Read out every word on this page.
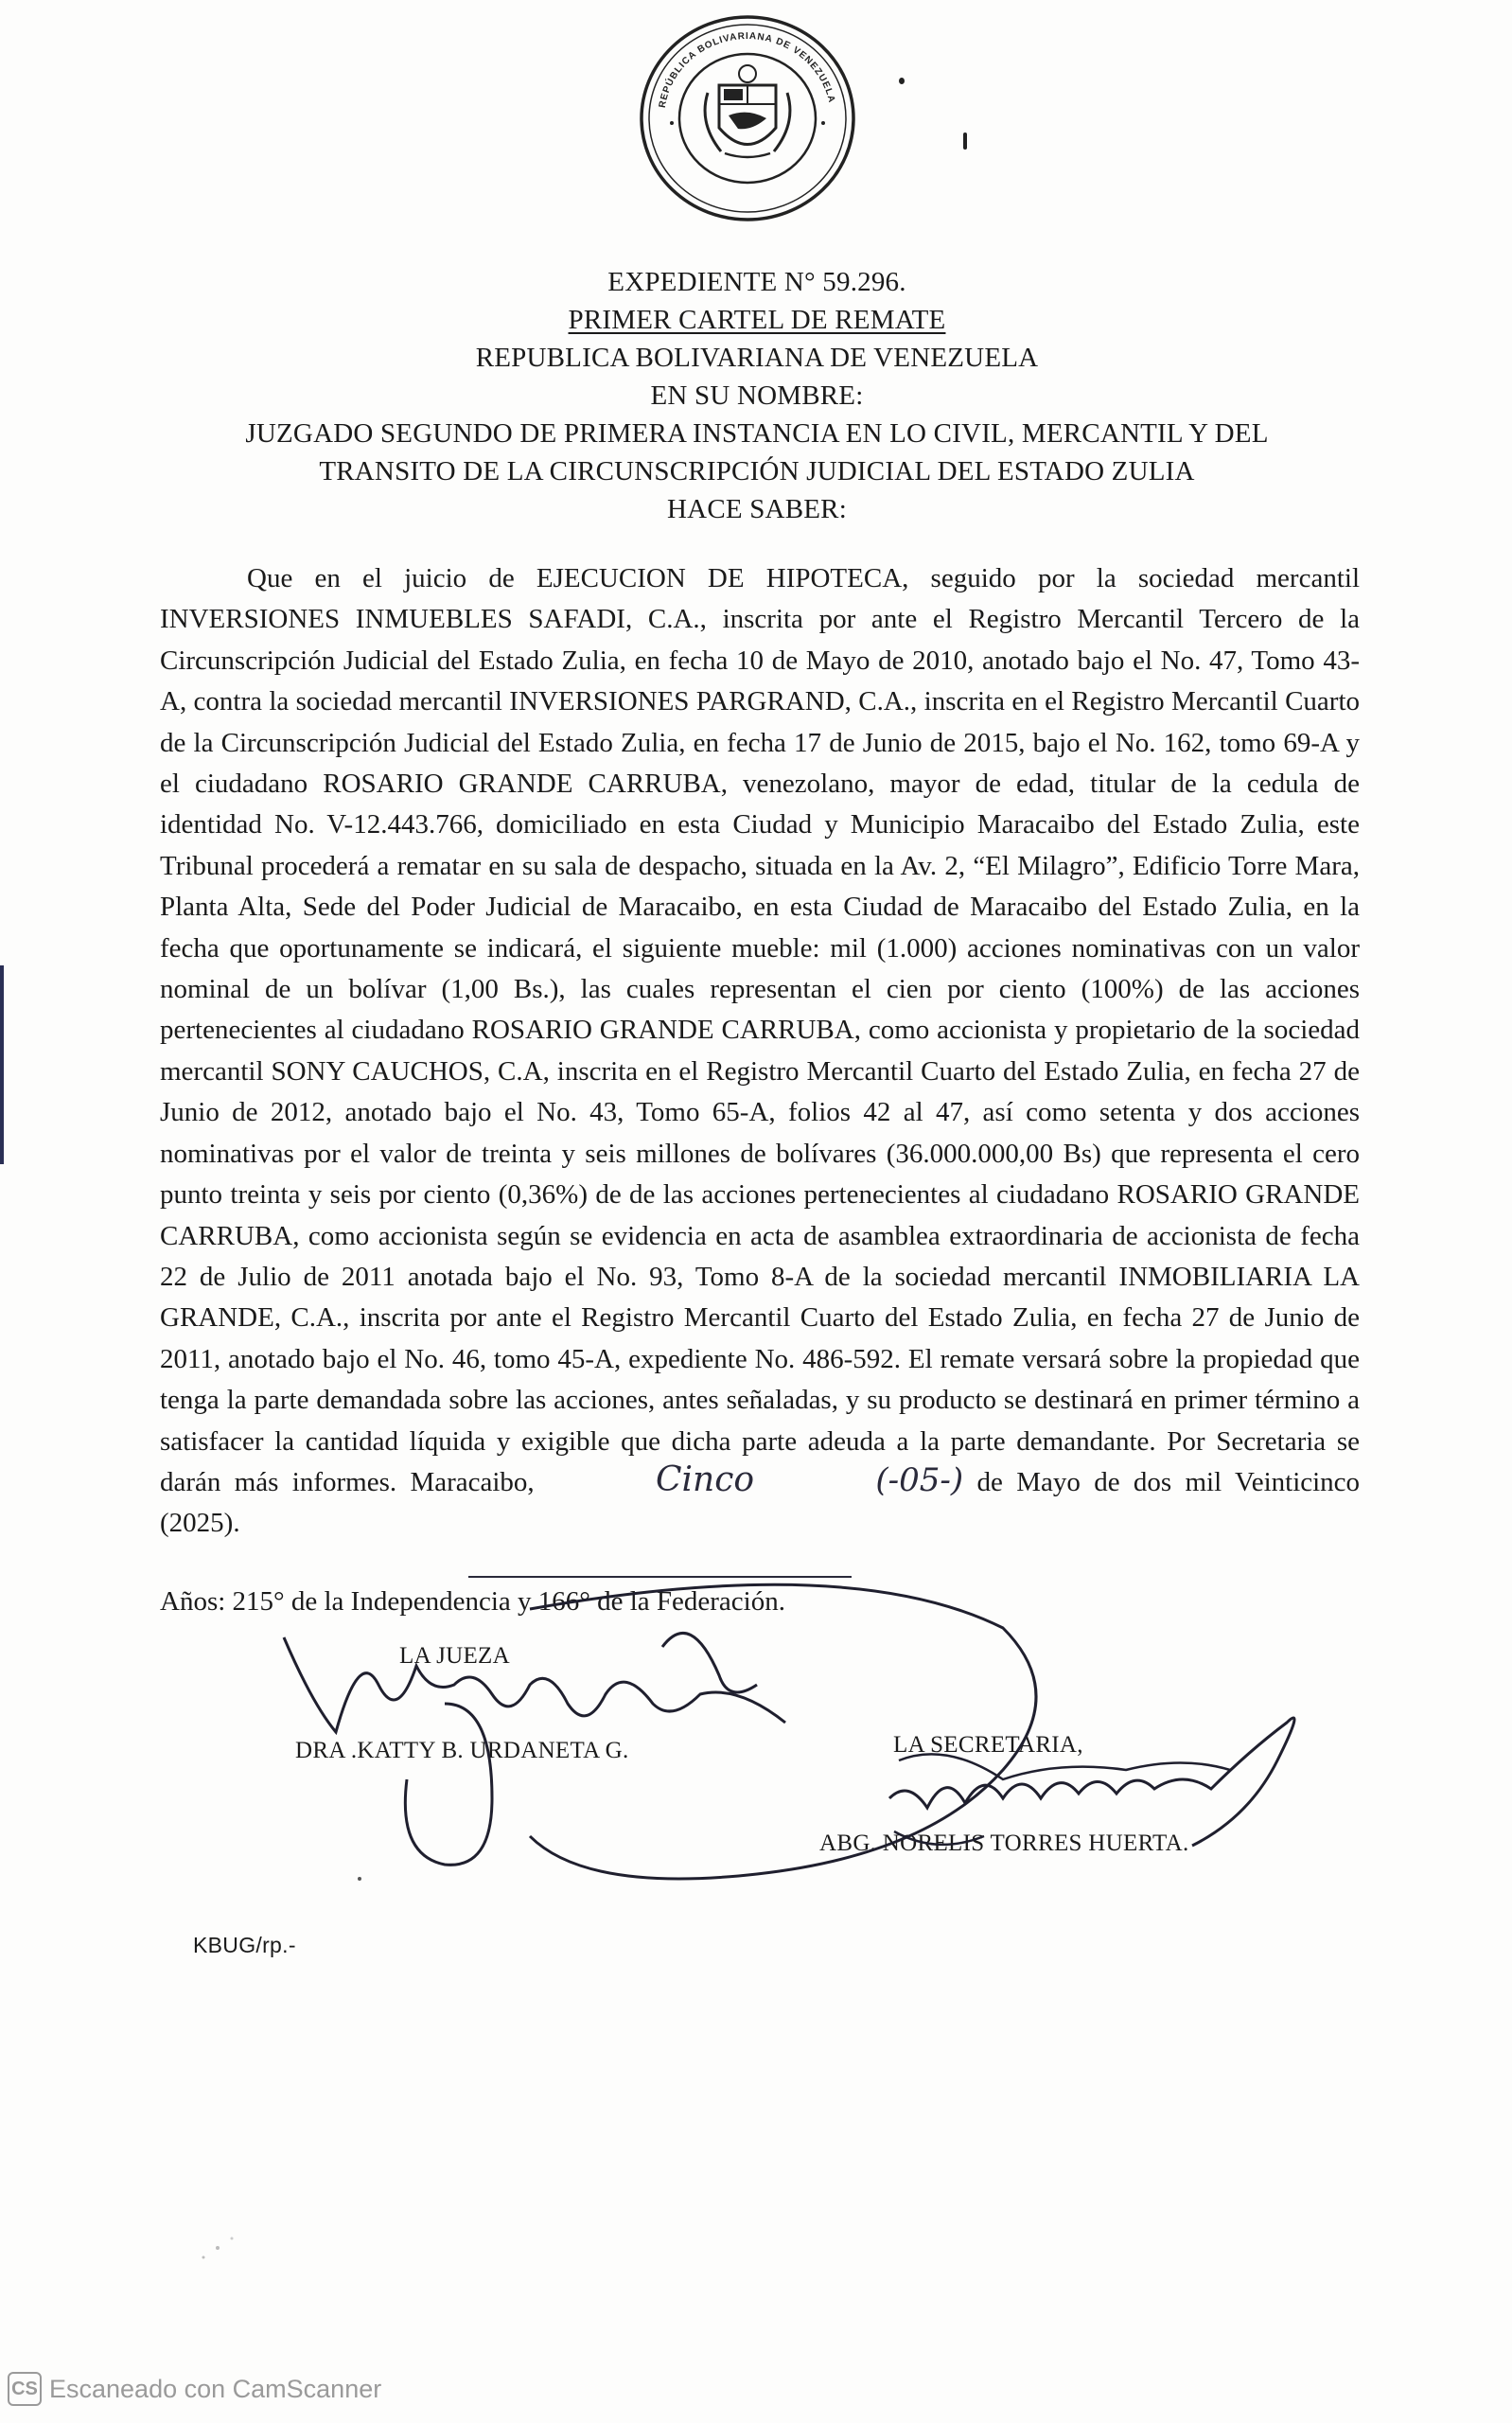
REPÚBLICA BOLIVARIANA DE VENEZUELA
EXPEDIENTE N° 59.296.
PRIMER CARTEL DE REMATE
REPUBLICA BOLIVARIANA DE VENEZUELA
EN SU NOMBRE:
JUZGADO SEGUNDO DE PRIMERA INSTANCIA EN LO CIVIL, MERCANTIL Y DEL
TRANSITO DE LA CIRCUNSCRIPCIÓN JUDICIAL DEL ESTADO ZULIA
HACE SABER:
Que en el juicio de EJECUCION DE HIPOTECA, seguido por la sociedad mercantil INVERSIONES INMUEBLES SAFADI, C.A., inscrita por ante el Registro Mercantil Tercero de la Circunscripción Judicial del Estado Zulia, en fecha 10 de Mayo de 2010, anotado bajo el No. 47, Tomo 43-A, contra la sociedad mercantil INVERSIONES PARGRAND, C.A., inscrita en el Registro Mercantil Cuarto de la Circunscripción Judicial del Estado Zulia, en fecha 17 de Junio de 2015, bajo el No. 162, tomo 69-A y el ciudadano ROSARIO GRANDE CARRUBA, venezolano, mayor de edad, titular de la cedula de identidad No. V-12.443.766, domiciliado en esta Ciudad y Municipio Maracaibo del Estado Zulia, este Tribunal procederá a rematar en su sala de despacho, situada en la Av. 2, “El Milagro”, Edificio Torre Mara, Planta Alta, Sede del Poder Judicial de Maracaibo, en esta Ciudad de Maracaibo del Estado Zulia, en la fecha que oportunamente se indicará, el siguiente mueble: mil (1.000) acciones nominativas con un valor nominal de un bolívar (1,00 Bs.), las cuales representan el cien por ciento (100%) de las acciones pertenecientes al ciudadano ROSARIO GRANDE CARRUBA, como accionista y propietario de la sociedad mercantil SONY CAUCHOS, C.A, inscrita en el Registro Mercantil Cuarto del Estado Zulia, en fecha 27 de Junio de 2012, anotado bajo el No. 43, Tomo 65-A, folios 42 al 47, así como setenta y dos acciones nominativas por el valor de treinta y seis millones de bolívares (36.000.000,00 Bs) que representa el cero punto treinta y seis por ciento (0,36%) de de las acciones pertenecientes al ciudadano ROSARIO GRANDE CARRUBA, como accionista según se evidencia en acta de asamblea extraordinaria de accionista de fecha 22 de Julio de 2011 anotada bajo el No. 93, Tomo 8-A de la sociedad mercantil INMOBILIARIA LA GRANDE, C.A., inscrita por ante el Registro Mercantil Cuarto del Estado Zulia, en fecha 27 de Junio de 2011, anotado bajo el No. 46, tomo 45-A, expediente No. 486-592. El remate versará sobre la propiedad que tenga la parte demandada sobre las acciones, antes señaladas, y su producto se destinará en primer término a satisfacer la cantidad líquida y exigible que dicha parte adeuda a la parte demandante. Por Secretaria se darán más informes. Maracaibo,	Cinco	(-05-) de Mayo de dos mil Veinticinco (2025).
Años: 215° de la Independencia y 166° de la Federación.
LA JUEZA
DRA .KATTY B. URDANETA G.	LA SECRETARIA,
ABG. NORELIS TORRES HUERTA.
KBUG/rp.-
CS Escaneado con CamScanner
